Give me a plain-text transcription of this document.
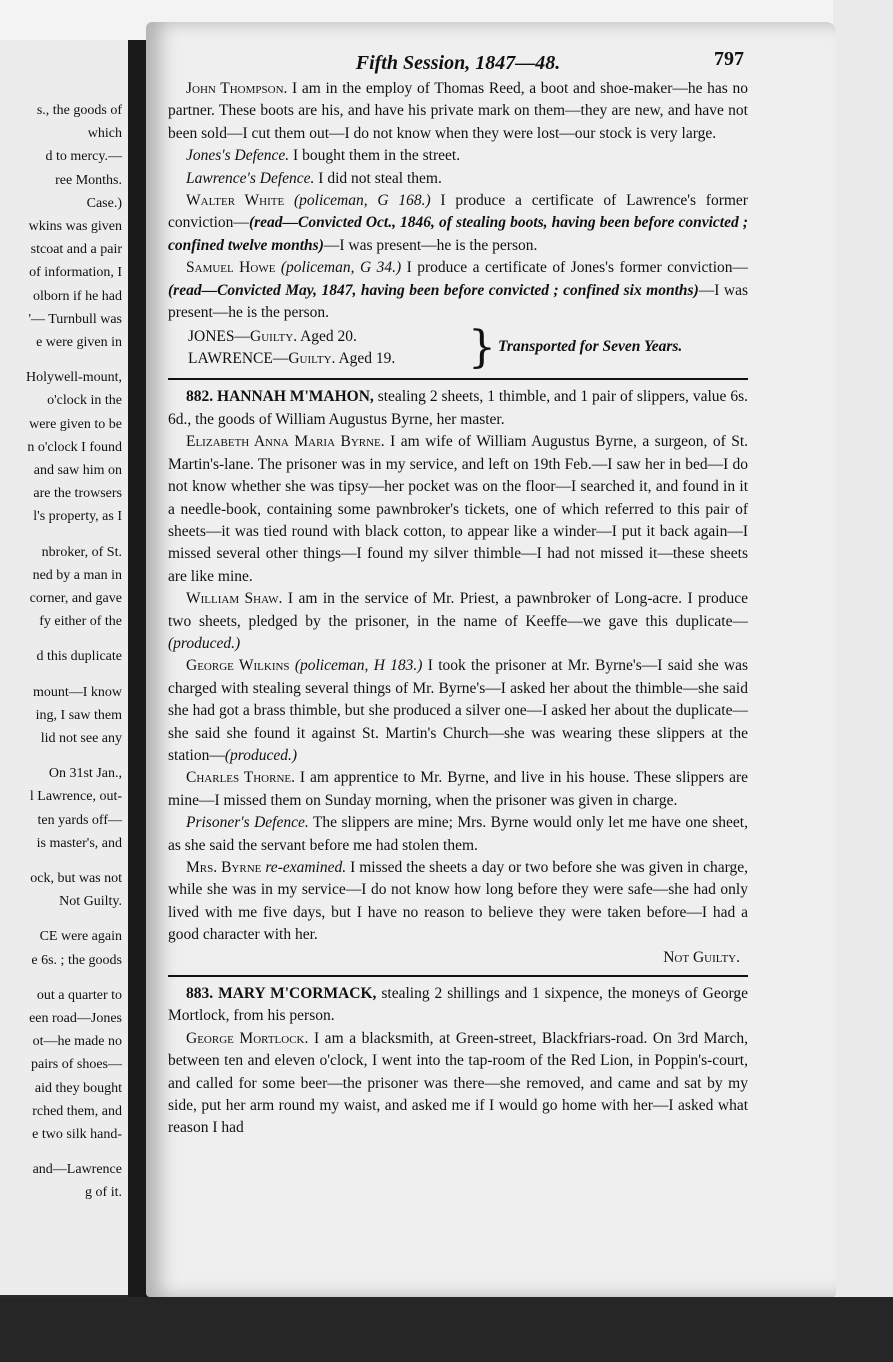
s., the goods of
which
d to mercy.—
ree Months.
Case.)
wkins was given
stcoat and a pair
of information, I
olborn if he had
'— Turnbull was
e were given in
Holywell-mount,
o'clock in the
were given to be
n o'clock I found
and saw him on
are the trowsers
l's property, as I
nbroker, of St.
ned by a man in
corner, and gave
fy either of the
d this duplicate
mount—I know
ing, I saw them
lid not see any
On 31st Jan.,
l Lawrence, out-
ten yards off—
is master's, and
ock, but was not
Not Guilty.
CE were again
e 6s. ; the goods
out a quarter to
een road—Jones
ot—he made no
pairs of shoes—
aid they bought
rched them, and
e two silk hand-
and—Lawrence
g of it.
Fifth Session, 1847—48.	797

John Thompson. I am in the employ of Thomas Reed, a boot and shoe-maker—he has no partner. These boots are his, and have his private mark on them—they are new, and have not been sold—I cut them out—I do not know when they were lost—our stock is very large.

Jones's Defence. I bought them in the street.

Lawrence's Defence. I did not steal them.

Walter White (policeman, G 168.) I produce a certificate of Lawrence's former conviction—(read—Convicted Oct., 1846, of stealing boots, having been before convicted ; confined twelve months)—I was present—he is the person.

Samuel Howe (policeman, G 34.) I produce a certificate of Jones's former conviction—(read—Convicted May, 1847, having been before convicted ; confined six months)—I was present—he is the person.

JONES—Guilty. Aged 20.
LAWRENCE—Guilty. Aged 19. } Transported for Seven Years.

882. HANNAH M'MAHON, stealing 2 sheets, 1 thimble, and 1 pair of slippers, value 6s. 6d., the goods of William Augustus Byrne, her master.

Elizabeth Anna Maria Byrne. I am wife of William Augustus Byrne, a surgeon, of St. Martin's-lane. The prisoner was in my service, and left on 19th Feb.—I saw her in bed—I do not know whether she was tipsy—her pocket was on the floor—I searched it, and found in it a needle-book, containing some pawnbroker's tickets, one of which referred to this pair of sheets—it was tied round with black cotton, to appear like a winder—I put it back again—I missed several other things—I found my silver thimble—I had not missed it—these sheets are like mine.

William Shaw. I am in the service of Mr. Priest, a pawnbroker of Long-acre. I produce two sheets, pledged by the prisoner, in the name of Keeffe—we gave this duplicate—(produced.)

George Wilkins (policeman, H 183.) I took the prisoner at Mr. Byrne's—I said she was charged with stealing several things of Mr. Byrne's—I asked her about the thimble—she said she had got a brass thimble, but she produced a silver one—I asked her about the duplicate—she said she found it against St. Martin's Church—she was wearing these slippers at the station—(produced.)

Charles Thorne. I am apprentice to Mr. Byrne, and live in his house. These slippers are mine—I missed them on Sunday morning, when the prisoner was given in charge.

Prisoner's Defence. The slippers are mine; Mrs. Byrne would only let me have one sheet, as she said the servant before me had stolen them.

Mrs. Byrne re-examined. I missed the sheets a day or two before she was given in charge, while she was in my service—I do not know how long before they were safe—she had only lived with me five days, but I have no reason to believe they were taken before—I had a good character with her.

Not Guilty.

883. MARY M'CORMACK, stealing 2 shillings and 1 sixpence, the moneys of George Mortlock, from his person.

George Mortlock. I am a blacksmith, at Green-street, Blackfriars-road. On 3rd March, between ten and eleven o'clock, I went into the tap-room of the Red Lion, in Poppin's-court, and called for some beer—the prisoner was there—she removed, and came and sat by my side, put her arm round my waist, and asked me if I would go home with her—I asked what reason I had
